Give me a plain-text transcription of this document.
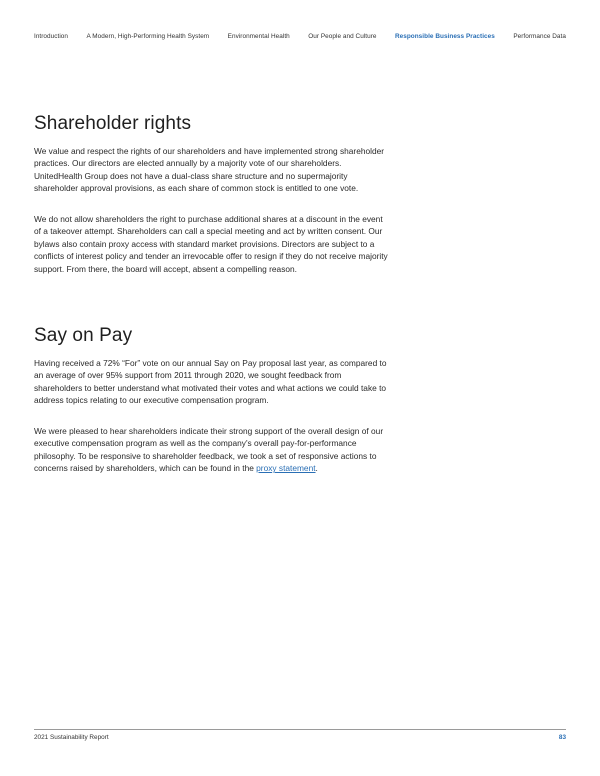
Introduction	A Modern, High-Performing Health System	Environmental Health	Our People and Culture	Responsible Business Practices	Performance Data
Shareholder rights

We value and respect the rights of our shareholders and have implemented strong shareholder practices. Our directors are elected annually by a majority vote of our shareholders. UnitedHealth Group does not have a dual-class share structure and no supermajority shareholder approval provisions, as each share of common stock is entitled to one vote.

We do not allow shareholders the right to purchase additional shares at a discount in the event of a takeover attempt. Shareholders can call a special meeting and act by written consent. Our bylaws also contain proxy access with standard market provisions. Directors are subject to a conflicts of interest policy and tender an irrevocable offer to resign if they do not receive majority support. From there, the board will accept, absent a compelling reason.

Say on Pay

Having received a 72% “For” vote on our annual Say on Pay proposal last year, as compared to an average of over 95% support from 2011 through 2020, we sought feedback from shareholders to better understand what motivated their votes and what actions we could take to address topics relating to our executive compensation program.

We were pleased to hear shareholders indicate their strong support of the overall design of our executive compensation program as well as the company's overall pay-for-performance philosophy. To be responsive to shareholder feedback, we took a set of responsive actions to concerns raised by shareholders, which can be found in the proxy statement.

2021 Sustainability Report	83
